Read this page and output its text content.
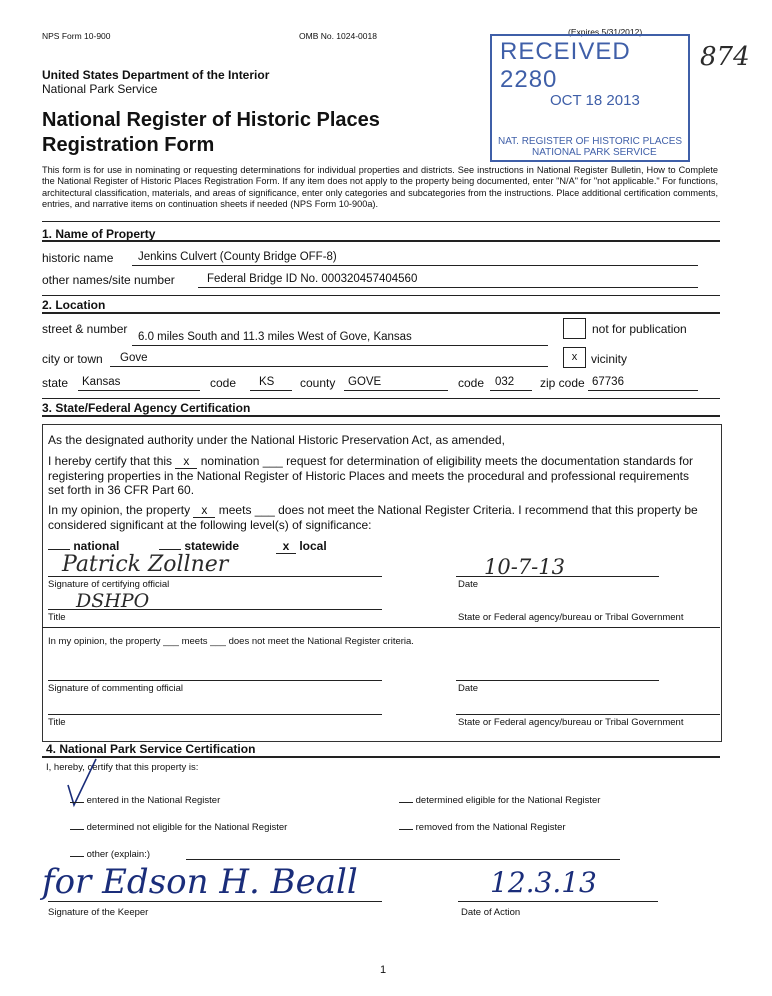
NPS Form 10-900	OMB No. 1024-0018	(Expires 5/31/2012)
874
United States Department of the Interior
National Park Service
National Register of Historic Places
Registration Form
RECEIVED 2280
OCT 18 2013
NAT. REGISTER OF HISTORIC PLACES
NATIONAL PARK SERVICE
This form is for use in nominating or requesting determinations for individual properties and districts. See instructions in National Register Bulletin, How to Complete the National Register of Historic Places Registration Form. If any item does not apply to the property being documented, enter "N/A" for "not applicable." For functions, architectural classification, materials, and areas of significance, enter only categories and subcategories from the instructions. Place additional certification comments, entries, and narrative items on continuation sheets if needed (NPS Form 10-900a).
1. Name of Property
historic name Jenkins Culvert (County Bridge OFF-8)
other names/site number	Federal Bridge ID No. 000320457404560
2. Location
street & number
6.0 miles South and 11.3 miles West of Gove, Kansas
not for publication
city or town Gove	x	vicinity
state Kansas	code KS county GOVE	code 032 zip code 67736
3. State/Federal Agency Certification
As the designated authority under the National Historic Preservation Act, as amended,
I hereby certify that this x nomination ___ request for determination of eligibility meets the documentation standards for registering properties in the National Register of Historic Places and meets the procedural and professional requirements set forth in 36 CFR Part 60.
In my opinion, the property x meets ___ does not meet the National Register Criteria. I recommend that this property be considered significant at the following level(s) of significance:
national	statewide	x local
Patrick Zollner
Signature of certifying official
10-7-13
Date
DSHPO
Title	State or Federal agency/bureau or Tribal Government
In my opinion, the property ___ meets ___ does not meet the National Register criteria.
Signature of commenting official	Date
Title	State or Federal agency/bureau or Tribal Government
4. National Park Service Certification
I, hereby, certify that this property is:
entered in the National Register	determined eligible for the National Register
determined not eligible for the National Register	removed from the National Register
other (explain:)
for Edson H. Beall
Signature of the Keeper
12.3.13
Date of Action
1
